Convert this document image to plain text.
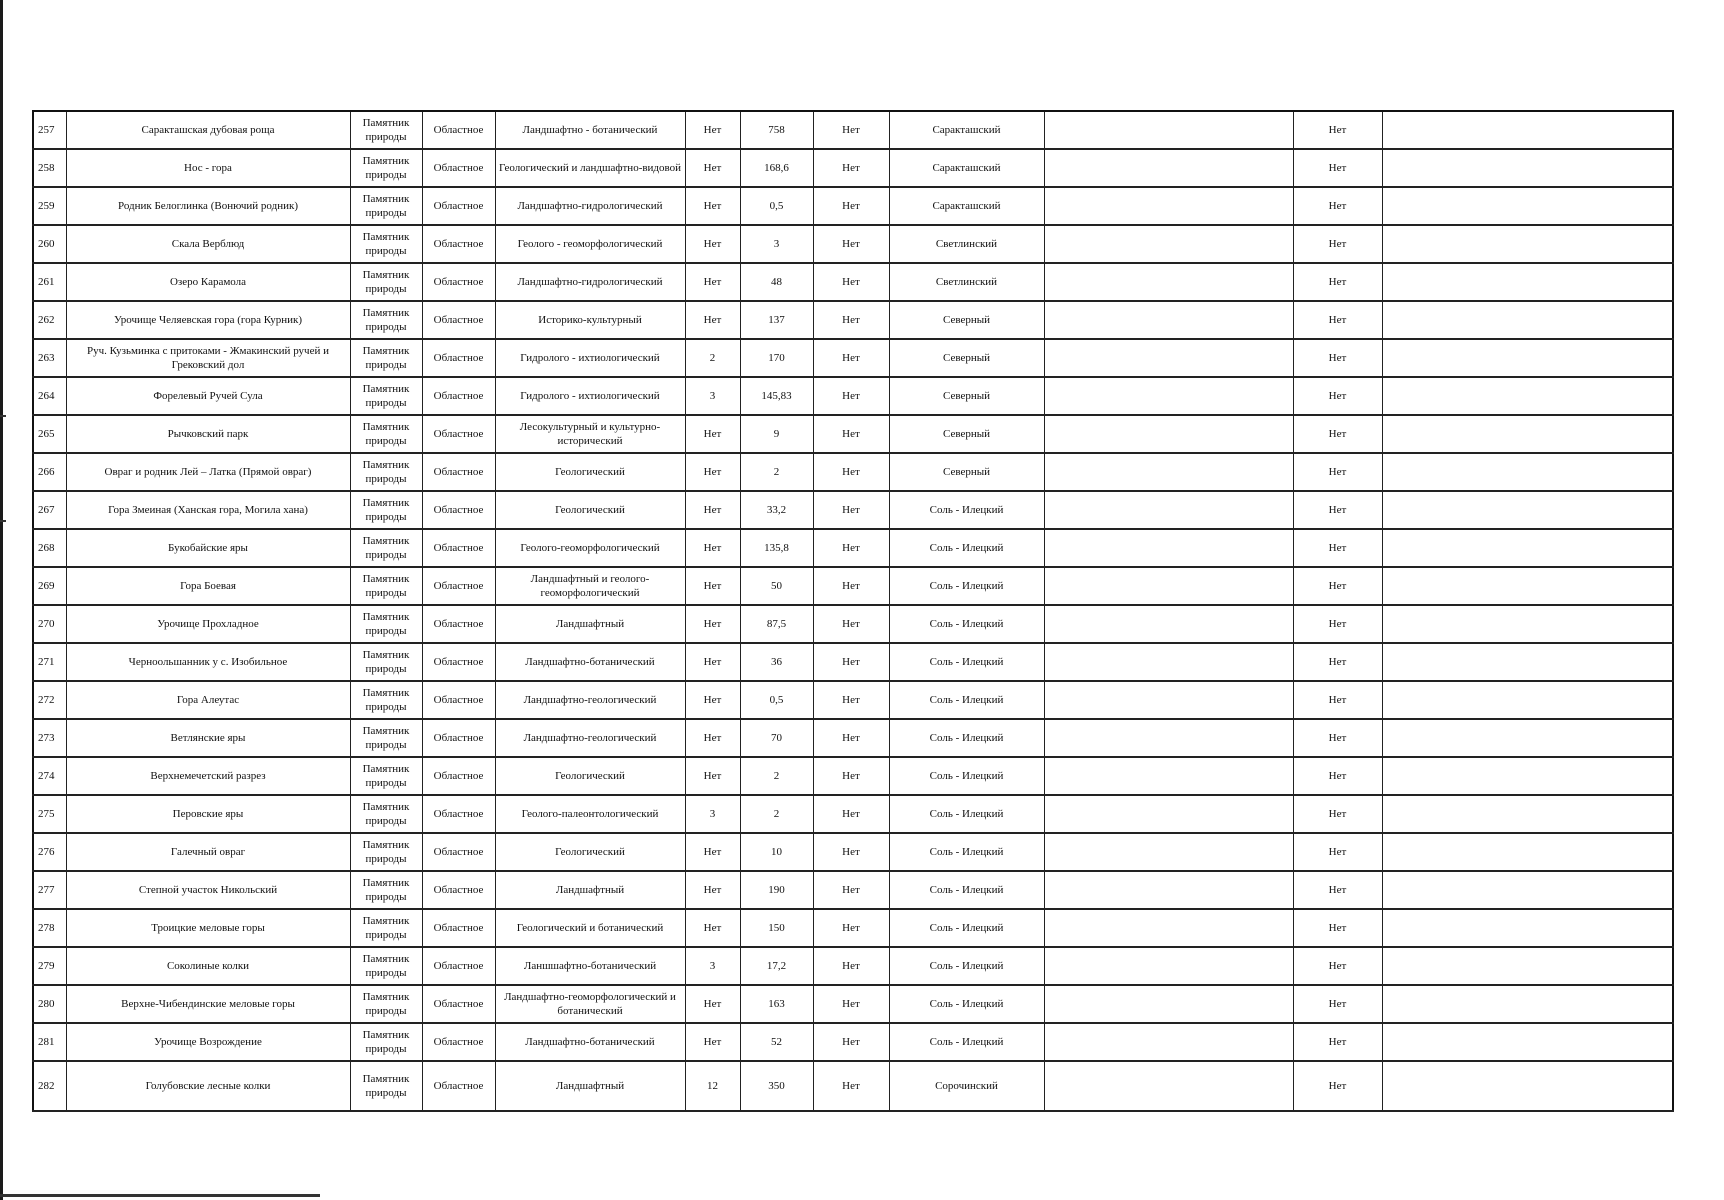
257	Саракташская дубовая роща	Памятник природы	Областное	Ландшафтно - ботанический	Нет	758	Нет	Саракташский		Нет	
258	Нос - гора	Памятник природы	Областное	Геологический и ландшафтно-видовой	Нет	168,6	Нет	Саракташский		Нет	
259	Родник Белоглинка (Вонючий родник)	Памятник природы	Областное	Ландшафтно-гидрологический	Нет	0,5	Нет	Саракташский		Нет	
260	Скала Верблюд	Памятник природы	Областное	Геолого - геоморфологический	Нет	3	Нет	Светлинский		Нет	
261	Озеро Карамола	Памятник природы	Областное	Ландшафтно-гидрологический	Нет	48	Нет	Светлинский		Нет	
262	Урочище Челяевская гора (гора Курник)	Памятник природы	Областное	Историко-культурный	Нет	137	Нет	Северный		Нет	
263	Руч. Кузьминка с притоками - Жмакинский ручей и Грековский дол	Памятник природы	Областное	Гидролого - ихтиологический	2	170	Нет	Северный		Нет	
264	Форелевый Ручей Сула	Памятник природы	Областное	Гидролого - ихтиологический	3	145,83	Нет	Северный		Нет	
265	Рычковский парк	Памятник природы	Областное	Лесокультурный и культурно-исторический	Нет	9	Нет	Северный		Нет	
266	Овраг и родник Лей – Латка (Прямой овраг)	Памятник природы	Областное	Геологический	Нет	2	Нет	Северный		Нет	
267	Гора Змеиная (Ханская гора, Могила хана)	Памятник природы	Областное	Геологический	Нет	33,2	Нет	Соль - Илецкий		Нет	
268	Букобайские яры	Памятник природы	Областное	Геолого-геоморфологический	Нет	135,8	Нет	Соль - Илецкий		Нет	
269	Гора Боевая	Памятник природы	Областное	Ландшафтный и геолого-геоморфологический	Нет	50	Нет	Соль - Илецкий		Нет	
270	Урочище Прохладное	Памятник природы	Областное	Ландшафтный	Нет	87,5	Нет	Соль - Илецкий		Нет	
271	Черноольшанник у с. Изобильное	Памятник природы	Областное	Ландшафтно-ботанический	Нет	36	Нет	Соль - Илецкий		Нет	
272	Гора Алеутас	Памятник природы	Областное	Ландшафтно-геологический	Нет	0,5	Нет	Соль - Илецкий		Нет	
273	Ветлянские яры	Памятник природы	Областное	Ландшафтно-геологический	Нет	70	Нет	Соль - Илецкий		Нет	
274	Верхнемечетский разрез	Памятник природы	Областное	Геологический	Нет	2	Нет	Соль - Илецкий		Нет	
275	Перовские яры	Памятник природы	Областное	Геолого-палеонтологический	3	2	Нет	Соль - Илецкий		Нет	
276	Галечный овраг	Памятник природы	Областное	Геологический	Нет	10	Нет	Соль - Илецкий		Нет	
277	Степной участок Никольский	Памятник природы	Областное	Ландшафтный	Нет	190	Нет	Соль - Илецкий		Нет	
278	Троицкие меловые горы	Памятник природы	Областное	Геологический и ботанический	Нет	150	Нет	Соль - Илецкий		Нет	
279	Соколиные колки	Памятник природы	Областное	Ланшшафтно-ботанический	3	17,2	Нет	Соль - Илецкий		Нет	
280	Верхне-Чибендинские меловые горы	Памятник природы	Областное	Ландшафтно-геоморфологический и ботанический	Нет	163	Нет	Соль - Илецкий		Нет	
281	Урочище Возрождение	Памятник природы	Областное	Ландшафтно-ботанический	Нет	52	Нет	Соль - Илецкий		Нет	
282	Голубовские лесные колки	Памятник природы	Областное	Ландшафтный	12	350	Нет	Сорочинский		Нет	
